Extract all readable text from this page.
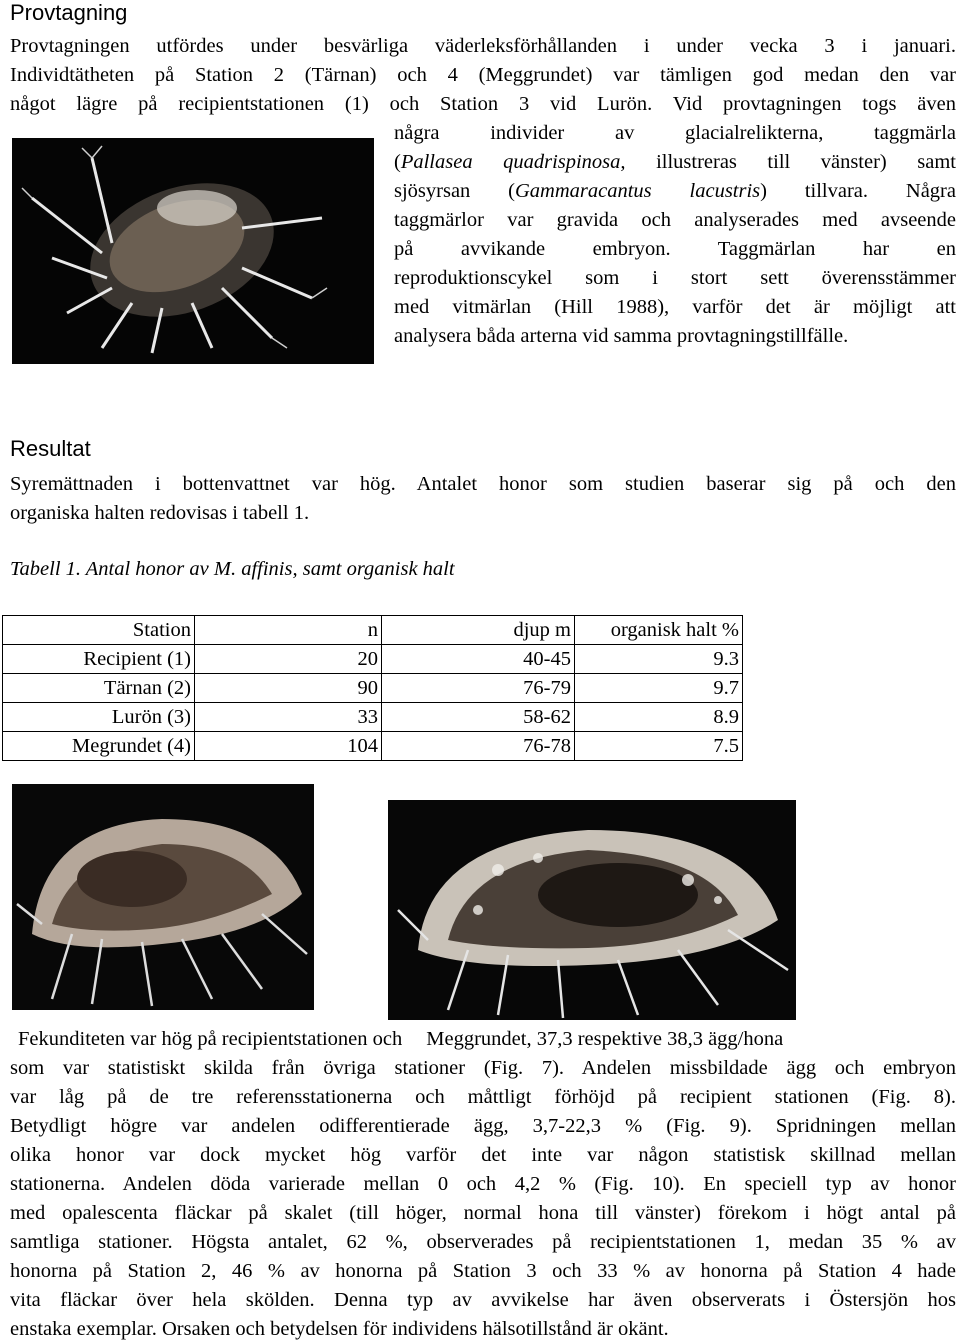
Provtagning
Provtagningen utfördes under besvärliga väderleksförhållanden i under vecka 3 i januari.
Individtätheten på Station 2 (Tärnan) och 4 (Meggrundet) var tämligen god medan den var
något lägre på recipientstationen (1) och Station 3 vid Lurön. Vid provtagningen togs även
några individer av glacialrelikterna, taggmärla
(Pallasea quadrispinosa, illustreras till vänster) samt
sjösyrsan (Gammaracantus lacustris) tillvara. Några
taggmärlor var gravida och analyserades med avseende
på avvikande embryon. Taggmärlan har en
reproduktionscykel som i stort sett överensstämmer
med vitmärlan (Hill 1988), varför det är möjligt att
analysera båda arterna vid samma provtagningstillfälle.
Resultat
Syremättnaden i bottenvattnet var hög. Antalet honor som studien baserar sig på och den
organiska halten redovisas i tabell 1.
Tabell 1. Antal honor av M. affinis, samt organisk halt
Station	n	djup m	organisk halt %
Recipient (1)	20	40-45	9.3
Tärnan (2)	90	76-79	9.7
Lurön (3)	33	58-62	8.9
Megrundet (4)	104	76-78	7.5
Fekunditeten var hög på recipientstationen och Meggrundet, 37,3 respektive 38,3 ägg/hona
som var statistiskt skilda från övriga stationer (Fig. 7). Andelen missbildade ägg och embryon
var låg på de tre referensstationerna och måttligt förhöjd på recipient stationen (Fig. 8).
Betydligt högre var andelen odifferentierade ägg, 3,7-22,3 % (Fig. 9). Spridningen mellan
olika honor var dock mycket hög varför det inte var någon statistisk skillnad mellan
stationerna. Andelen döda varierade mellan 0 och 4,2 % (Fig. 10). En speciell typ av honor
med opalescenta fläckar på skalet (till höger, normal hona till vänster) förekom i högt antal på
samtliga stationer. Högsta antalet, 62 %, observerades på recipientstationen 1, medan 35 % av
honorna på Station 2, 46 % av honorna på Station 3 och 33 % av honorna på Station 4 hade
vita fläckar över hela skölden. Denna typ av avvikelse har även observerats i Östersjön hos
enstaka exemplar. Orsaken och betydelsen för individens hälsotillstånd är okänt.
